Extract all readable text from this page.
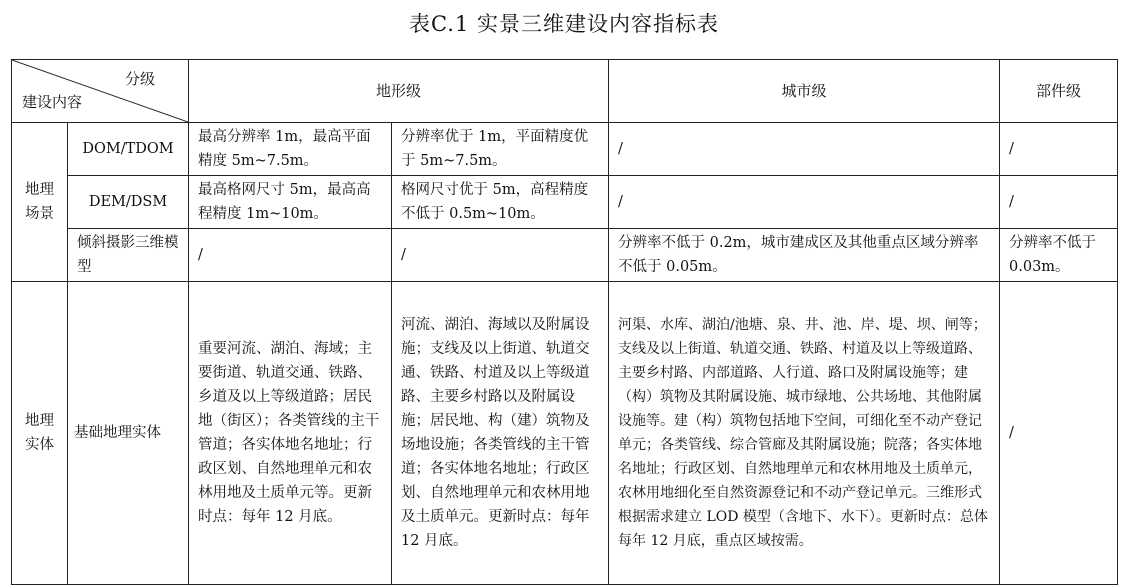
表C.1 实景三维建设内容指标表
分级
建设内容		地形级		城市级	部件级
地理场景	DOM/TDOM	最高分辨率 1m，最高平面精度 5m~7.5m。	分辨率优于 1m，平面精度优于 5m~7.5m。	/	/
	DEM/DSM	最高格网尺寸 5m，最高高程精度 1m~10m。	格网尺寸优于 5m，高程精度不低于 0.5m~10m。	/	/
	倾斜摄影三维模型	/	/	分辨率不低于 0.2m，城市建成区及其他重点区域分辨率不低于 0.05m。	分辨率不低于 0.03m。
地理实体	基础地理实体	重要河流、湖泊、海域；主要街道、轨道交通、铁路、乡道及以上等级道路；居民地（街区）；各类管线的主干管道；各实体地名地址；行政区划、自然地理单元和农林用地及土质单元等。更新时点：每年 12 月底。	河流、湖泊、海域以及附属设施；支线及以上街道、轨道交通、铁路、村道及以上等级道路、主要乡村路以及附属设施；居民地、构（建）筑物及场地设施；各类管线的主干管道；各实体地名地址；行政区划、自然地理单元和农林用地及土质单元。更新时点：每年 12 月底。	河渠、水库、湖泊/池塘、泉、井、池、岸、堤、坝、闸等；支线及以上街道、轨道交通、铁路、村道及以上等级道路、主要乡村路、内部道路、人行道、路口及附属设施等；建（构）筑物及其附属设施、城市绿地、公共场地、其他附属设施等。建（构）筑物包括地下空间，可细化至不动产登记单元；各类管线、综合管廊及其附属设施；院落；各实体地名地址；行政区划、自然地理单元和农林用地及土质单元，农林用地细化至自然资源登记和不动产登记单元。三维形式根据需求建立 LOD 模型（含地下、水下）。更新时点：总体每年 12 月底，重点区域按需。	/
